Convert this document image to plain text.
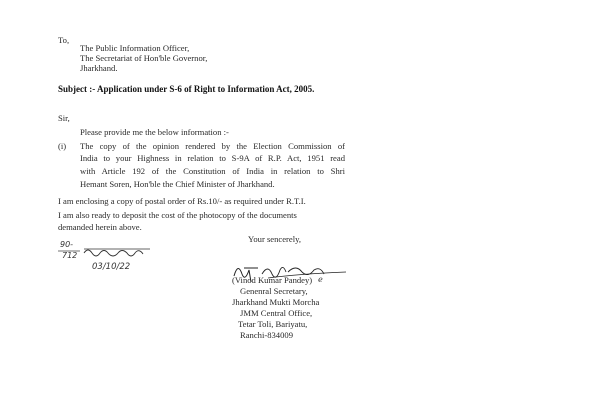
To,
The Public Information Officer,
The Secretariat of Hon'ble Governor,
Jharkhand.
Subject :- Application under S-6 of Right to Information Act, 2005.
Sir,
Please provide me the below information :-
(i) The copy of the opinion rendered by the Election Commission of
India to your Highness in relation to S-9A of R.P. Act, 1951 read
with Article 192 of the Constitution of India in relation to Shri
Hemant Soren, Hon'ble the Chief Minister of Jharkhand.
I am enclosing a copy of postal order of Rs.10/- as required under R.T.I.
I am also ready to deposit the cost of the photocopy of the documents
demanded herein above.
Your sencerely,
90-
712
03/10/22
(Vinod Kumar Pandey) ℯ
Genenral Secretary,
Jharkhand Mukti Morcha
JMM Central Office,
Tetar Toli, Bariyatu,
Ranchi-834009
